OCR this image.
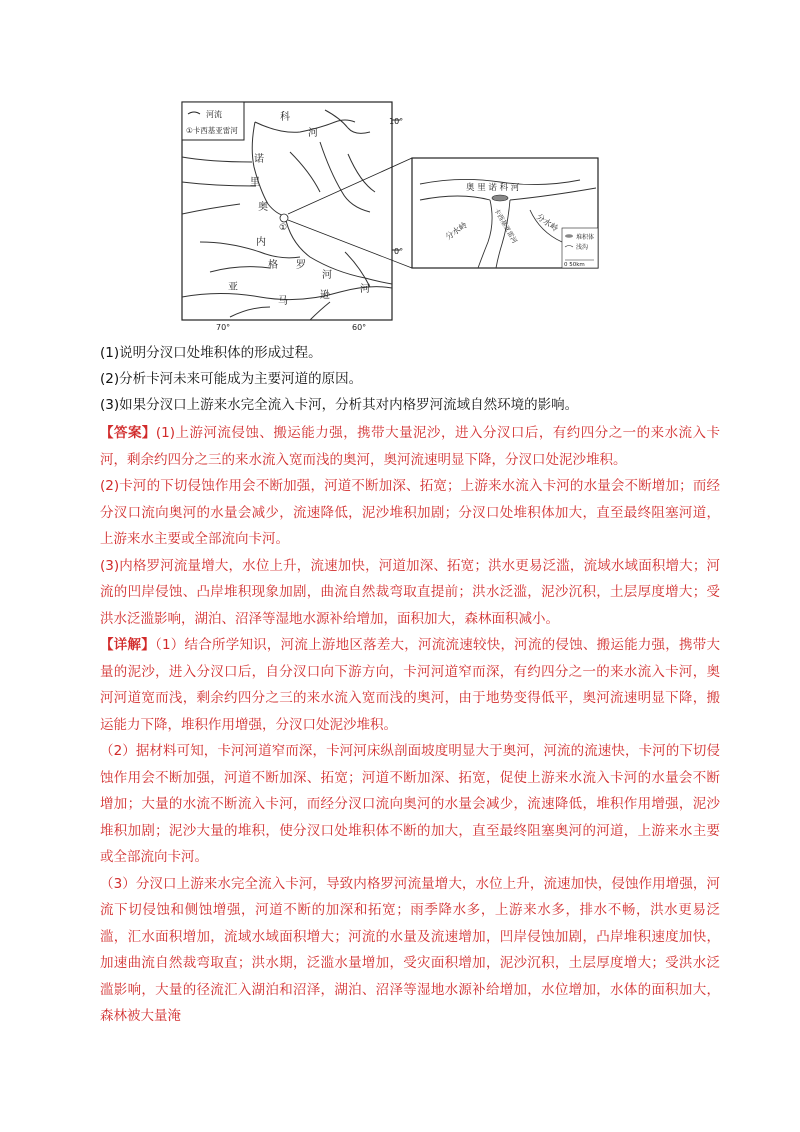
河流
①卡西基亚雷河
10°
0°
70°	60°
奥
里
诺
科
河
内
格 罗
河
亚
马
逊
河
①
奥 里 诺 科 河
分水岭	分水岭
卡西基亚雷河	堆积体
浅沟
0 50km

(1)说明分汊口处堆积体的形成过程。

(2)分析卡河未来可能成为主要河道的原因。

(3)如果分汊口上游来水完全流入卡河，分析其对内格罗河流域自然环境的影响。

【答案】(1)上游河流侵蚀、搬运能力强，携带大量泥沙，进入分汊口后，有约四分之一的来水流入卡河，剩余约四分之三的来水流入宽而浅的奥河，奥河流速明显下降，分汊口处泥沙堆积。

(2)卡河的下切侵蚀作用会不断加强，河道不断加深、拓宽；上游来水流入卡河的水量会不断增加；而经分汊口流向奥河的水量会减少，流速降低，泥沙堆积加剧；分汊口处堆积体加大，直至最终阻塞河道，上游来水主要或全部流向卡河。

(3)内格罗河流量增大，水位上升，流速加快，河道加深、拓宽；洪水更易泛滥，流域水域面积增大；河流的凹岸侵蚀、凸岸堆积现象加剧，曲流自然裁弯取直提前；洪水泛滥，泥沙沉积，土层厚度增大；受洪水泛滥影响，湖泊、沼泽等湿地水源补给增加，面积加大，森林面积减小。

【详解】（1）结合所学知识，河流上游地区落差大，河流流速较快，河流的侵蚀、搬运能力强，携带大量的泥沙，进入分汊口后，自分汊口向下游方向，卡河河道窄而深，有约四分之一的来水流入卡河，奥河河道宽而浅，剩余约四分之三的来水流入宽而浅的奥河，由于地势变得低平，奥河流速明显下降，搬运能力下降，堆积作用增强，分汊口处泥沙堆积。

（2）据材料可知，卡河河道窄而深，卡河河床纵剖面坡度明显大于奥河，河流的流速快，卡河的下切侵蚀作用会不断加强，河道不断加深、拓宽；河道不断加深、拓宽，促使上游来水流入卡河的水量会不断增加；大量的水流不断流入卡河，而经分汊口流向奥河的水量会减少，流速降低，堆积作用增强，泥沙堆积加剧；泥沙大量的堆积，使分汊口处堆积体不断的加大，直至最终阻塞奥河的河道，上游来水主要或全部流向卡河。

（3）分汊口上游来水完全流入卡河，导致内格罗河流量增大，水位上升，流速加快，侵蚀作用增强，河流下切侵蚀和侧蚀增强，河道不断的加深和拓宽；雨季降水多，上游来水多，排水不畅，洪水更易泛滥，汇水面积增加，流域水域面积增大；河流的水量及流速增加，凹岸侵蚀加剧，凸岸堆积速度加快，加速曲流自然裁弯取直；洪水期，泛滥水量增加，受灾面积增加，泥沙沉积，土层厚度增大；受洪水泛滥影响，大量的径流汇入湖泊和沼泽，湖泊、沼泽等湿地水源补给增加，水位增加，水体的面积加大，森林被大量淹
